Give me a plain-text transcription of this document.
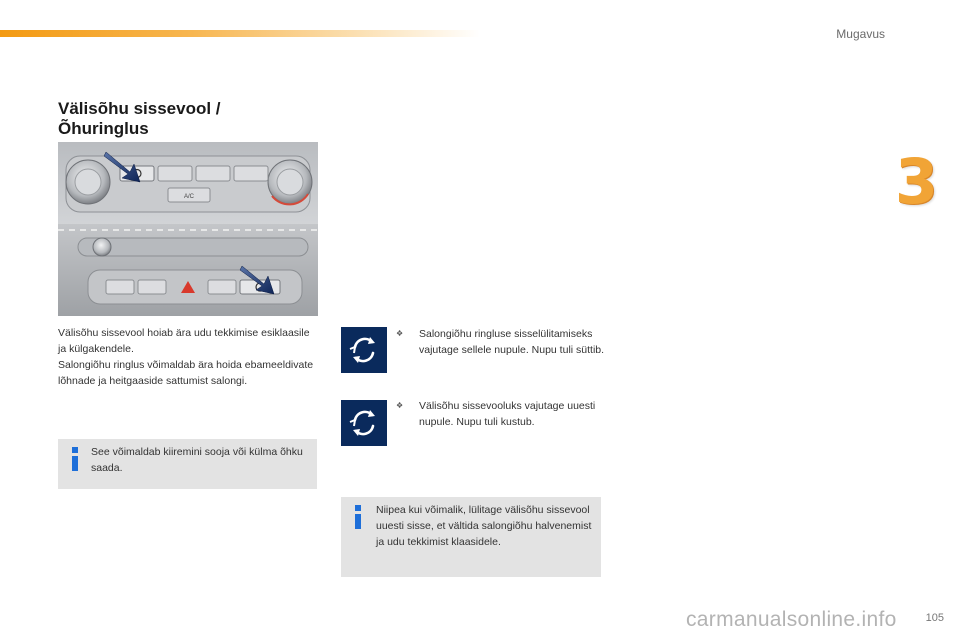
Mugavus
3
Välisõhu sissevool /
Õhuringlus
A/C

Välisõhu sissevool hoiab ära udu tekkimise esiklaasile ja külgakendele.

Salongiõhu ringlus võimaldab ära hoida ebameeldivate lõhnade ja heitgaaside sattumist salongi.

See võimaldab kiiremini sooja või külma õhku saada.
❖ Salongiõhu ringluse sisselülitamiseks vajutage sellele nupule. Nupu tuli süttib.
❖ Välisõhu sissevooluks vajutage uuesti nupule. Nupu tuli kustub.
Niipea kui võimalik, lülitage välisõhu sissevool uuesti sisse, et vältida salongiõhu halvenemist ja udu tekkimist klaasidele.
105
carmanualsonline.info
